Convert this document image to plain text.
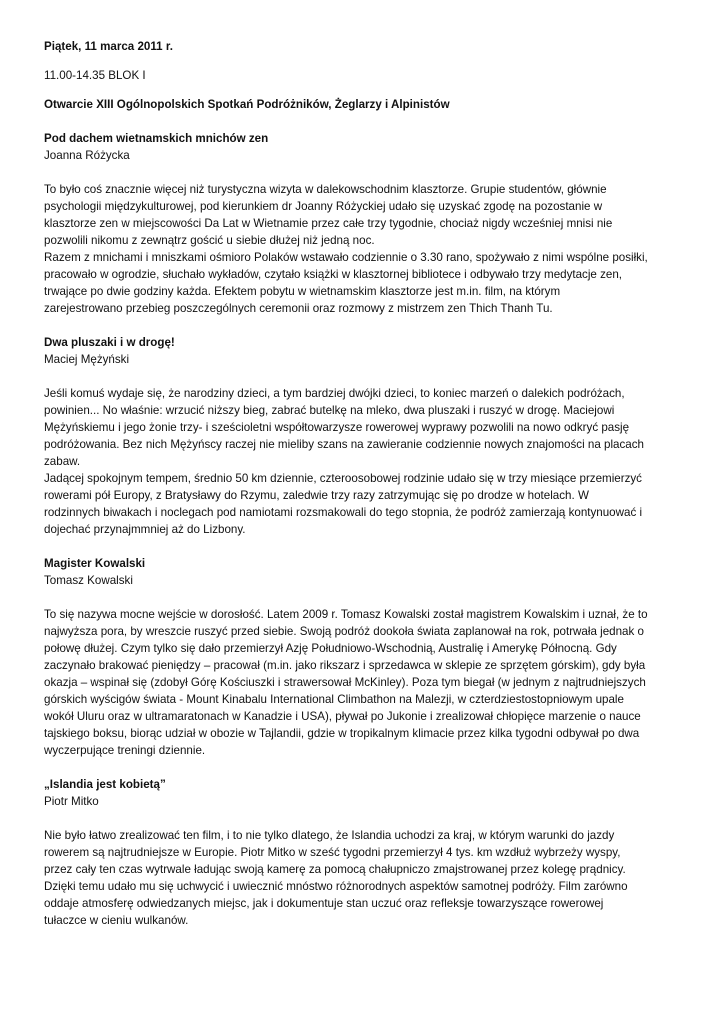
Piątek, 11 marca 2011 r.

11.00-14.35 BLOK I

Otwarcie XIII Ogólnopolskich Spotkań Podróżników, Żeglarzy i Alpinistów

Pod dachem wietnamskich mnichów zen

Joanna Różycka

To było coś znacznie więcej niż turystyczna wizyta w dalekowschodnim klasztorze. Grupie studentów, głównie

psychologii międzykulturowej, pod kierunkiem dr Joanny Różyckiej udało się uzyskać zgodę na pozostanie w

klasztorze zen w miejscowości Da Lat w Wietnamie przez całe trzy tygodnie, chociaż nigdy wcześniej mnisi nie

pozwolili nikomu z zewnątrz gościć u siebie dłużej niż jedną noc.

Razem z mnichami i mniszkami ośmioro Polaków wstawało codziennie o 3.30 rano, spożywało z nimi wspólne posiłki,

pracowało w ogrodzie, słuchało wykładów, czytało książki w klasztornej bibliotece i odbywało trzy medytacje zen,

trwające po dwie godziny każda. Efektem pobytu w wietnamskim klasztorze jest m.in. film, na którym

zarejestrowano przebieg poszczególnych ceremonii oraz rozmowy z mistrzem zen Thich Thanh Tu.

Dwa pluszaki i w drogę!

Maciej Mężyński

Jeśli komuś wydaje się, że narodziny dzieci, a tym bardziej dwójki dzieci, to koniec marzeń o dalekich podróżach,

powinien... No właśnie: wrzucić niższy bieg, zabrać butelkę na mleko, dwa pluszaki i ruszyć w drogę. Maciejowi

Mężyńskiemu i jego żonie trzy- i sześcioletni współtowarzysze rowerowej wyprawy pozwolili na nowo odkryć pasję

podróżowania. Bez nich Mężyńscy raczej nie mieliby szans na zawieranie codziennie nowych znajomości na placach

zabaw.

Jadącej spokojnym tempem, średnio 50 km dziennie, czteroosobowej rodzinie udało się w trzy miesiące przemierzyć

rowerami pół Europy, z Bratysławy do Rzymu, zaledwie trzy razy zatrzymując się po drodze w hotelach. W

rodzinnych biwakach i noclegach pod namiotami rozsmakowali do tego stopnia, że podróż zamierzają kontynuować i

dojechać przynajmmniej aż do Lizbony.

Magister Kowalski

Tomasz Kowalski

To się nazywa mocne wejście w dorosłość. Latem 2009 r. Tomasz Kowalski został magistrem Kowalskim i uznał, że to

najwyższa pora, by wreszcie ruszyć przed siebie. Swoją podróż dookoła świata zaplanował na rok, potrwała jednak o

połowę dłużej. Czym tylko się dało przemierzył Azję Południowo-Wschodnią, Australię i Amerykę Północną. Gdy

zaczynało brakować pieniędzy – pracował (m.in. jako rikszarz i sprzedawca w sklepie ze sprzętem górskim), gdy była

okazja – wspinał się (zdobył Górę Kościuszki i strawersował McKinley). Poza tym biegał (w jednym z najtrudniejszych

górskich wyścigów świata - Mount Kinabalu International Climbathon na Malezji, w czterdziestostopniowym upale

wokół Uluru oraz w ultramaratonach w Kanadzie i USA), pływał po Jukonie i zrealizował chłopięce marzenie o nauce

tajskiego boksu, biorąc udział w obozie w Tajlandii, gdzie w tropikalnym klimacie przez kilka tygodni odbywał po dwa

wyczerpujące treningi dziennie.

„Islandia jest kobietą”

Piotr Mitko

Nie było łatwo zrealizować ten film, i to nie tylko dlatego, że Islandia uchodzi za kraj, w którym warunki do jazdy

rowerem są najtrudniejsze w Europie. Piotr Mitko w sześć tygodni przemierzył 4 tys. km wzdłuż wybrzeży wyspy,

przez cały ten czas wytrwale ładując swoją kamerę za pomocą chałupniczo zmajstrowanej przez kolegę prądnicy.

Dzięki temu udało mu się uchwycić i uwiecznić mnóstwo różnorodnych aspektów samotnej podróży. Film zarówno

oddaje atmosferę odwiedzanych miejsc, jak i dokumentuje stan uczuć oraz refleksje towarzyszące rowerowej

tułaczce w cieniu wulkanów.
